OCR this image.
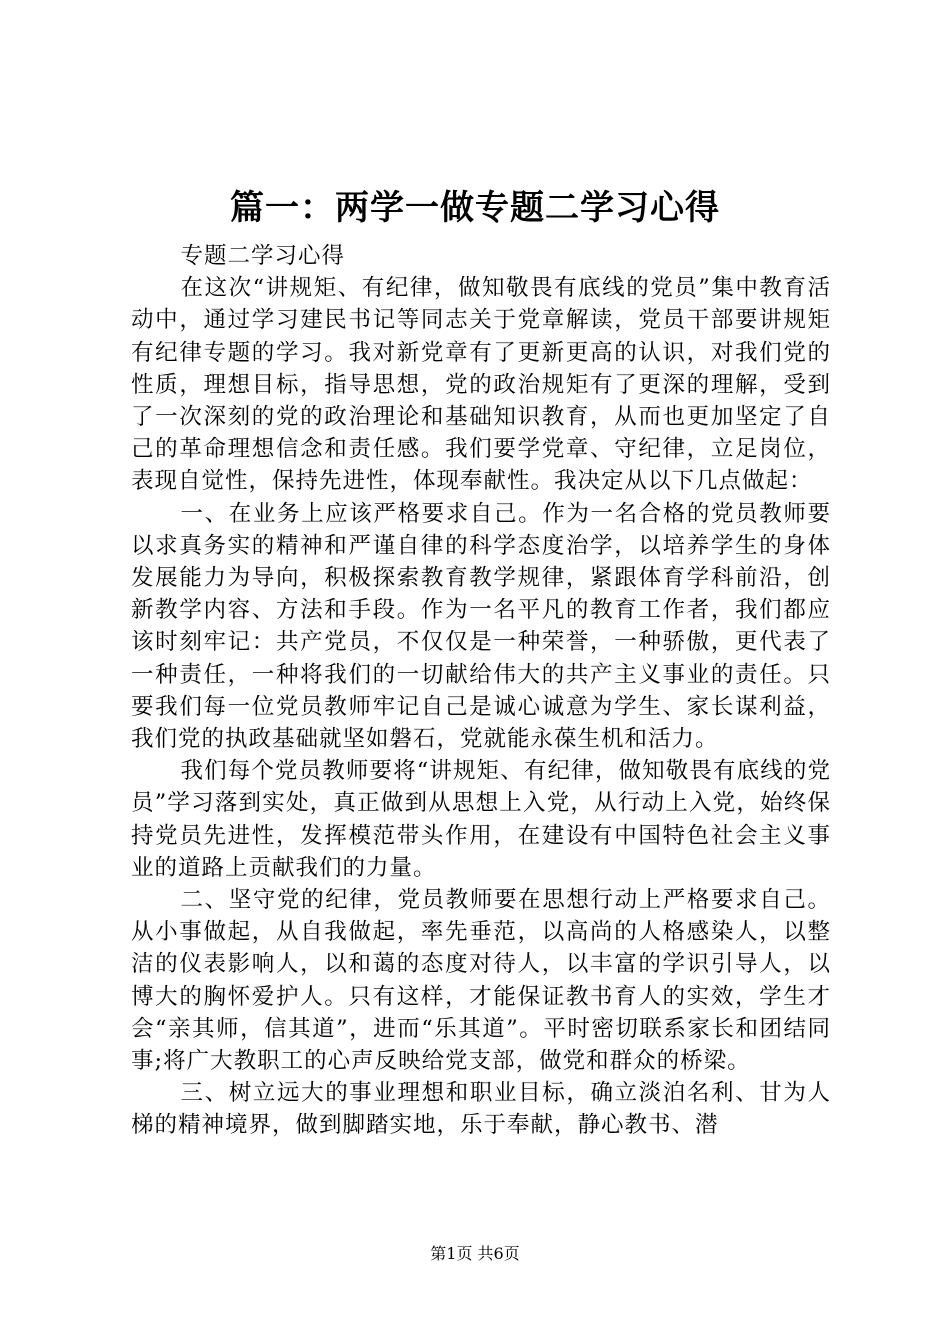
篇一：两学一做专题二学习心得

专题二学习心得

在这次“讲规矩、有纪律，做知敬畏有底线的党员”集中教育活动中，通过学习建民书记等同志关于党章解读，党员干部要讲规矩有纪律专题的学习。我对新党章有了更新更高的认识，对我们党的性质，理想目标，指导思想，党的政治规矩有了更深的理解，受到了一次深刻的党的政治理论和基础知识教育，从而也更加坚定了自己的革命理想信念和责任感。我们要学党章、守纪律，立足岗位，表现自觉性，保持先进性，体现奉献性。我决定从以下几点做起：

一、在业务上应该严格要求自己。作为一名合格的党员教师要以求真务实的精神和严谨自律的科学态度治学，以培养学生的身体发展能力为导向，积极探索教育教学规律，紧跟体育学科前沿，创新教学内容、方法和手段。作为一名平凡的教育工作者，我们都应该时刻牢记：共产党员，不仅仅是一种荣誉，一种骄傲，更代表了一种责任，一种将我们的一切献给伟大的共产主义事业的责任。只要我们每一位党员教师牢记自己是诚心诚意为学生、家长谋利益，我们党的执政基础就坚如磐石，党就能永葆生机和活力。

我们每个党员教师要将“讲规矩、有纪律，做知敬畏有底线的党员”学习落到实处，真正做到从思想上入党，从行动上入党，始终保持党员先进性，发挥模范带头作用，在建设有中国特色社会主义事业的道路上贡献我们的力量。

二、坚守党的纪律，党员教师要在思想行动上严格要求自己。从小事做起，从自我做起，率先垂范，以高尚的人格感染人，以整洁的仪表影响人，以和蔼的态度对待人，以丰富的学识引导人，以博大的胸怀爱护人。只有这样，才能保证教书育人的实效，学生才会“亲其师，信其道”，进而“乐其道”。平时密切联系家长和团结同事;将广大教职工的心声反映给党支部，做党和群众的桥梁。

三、树立远大的事业理想和职业目标，确立淡泊名利、甘为人梯的精神境界，做到脚踏实地，乐于奉献，静心教书、潜

第1页 共6页
